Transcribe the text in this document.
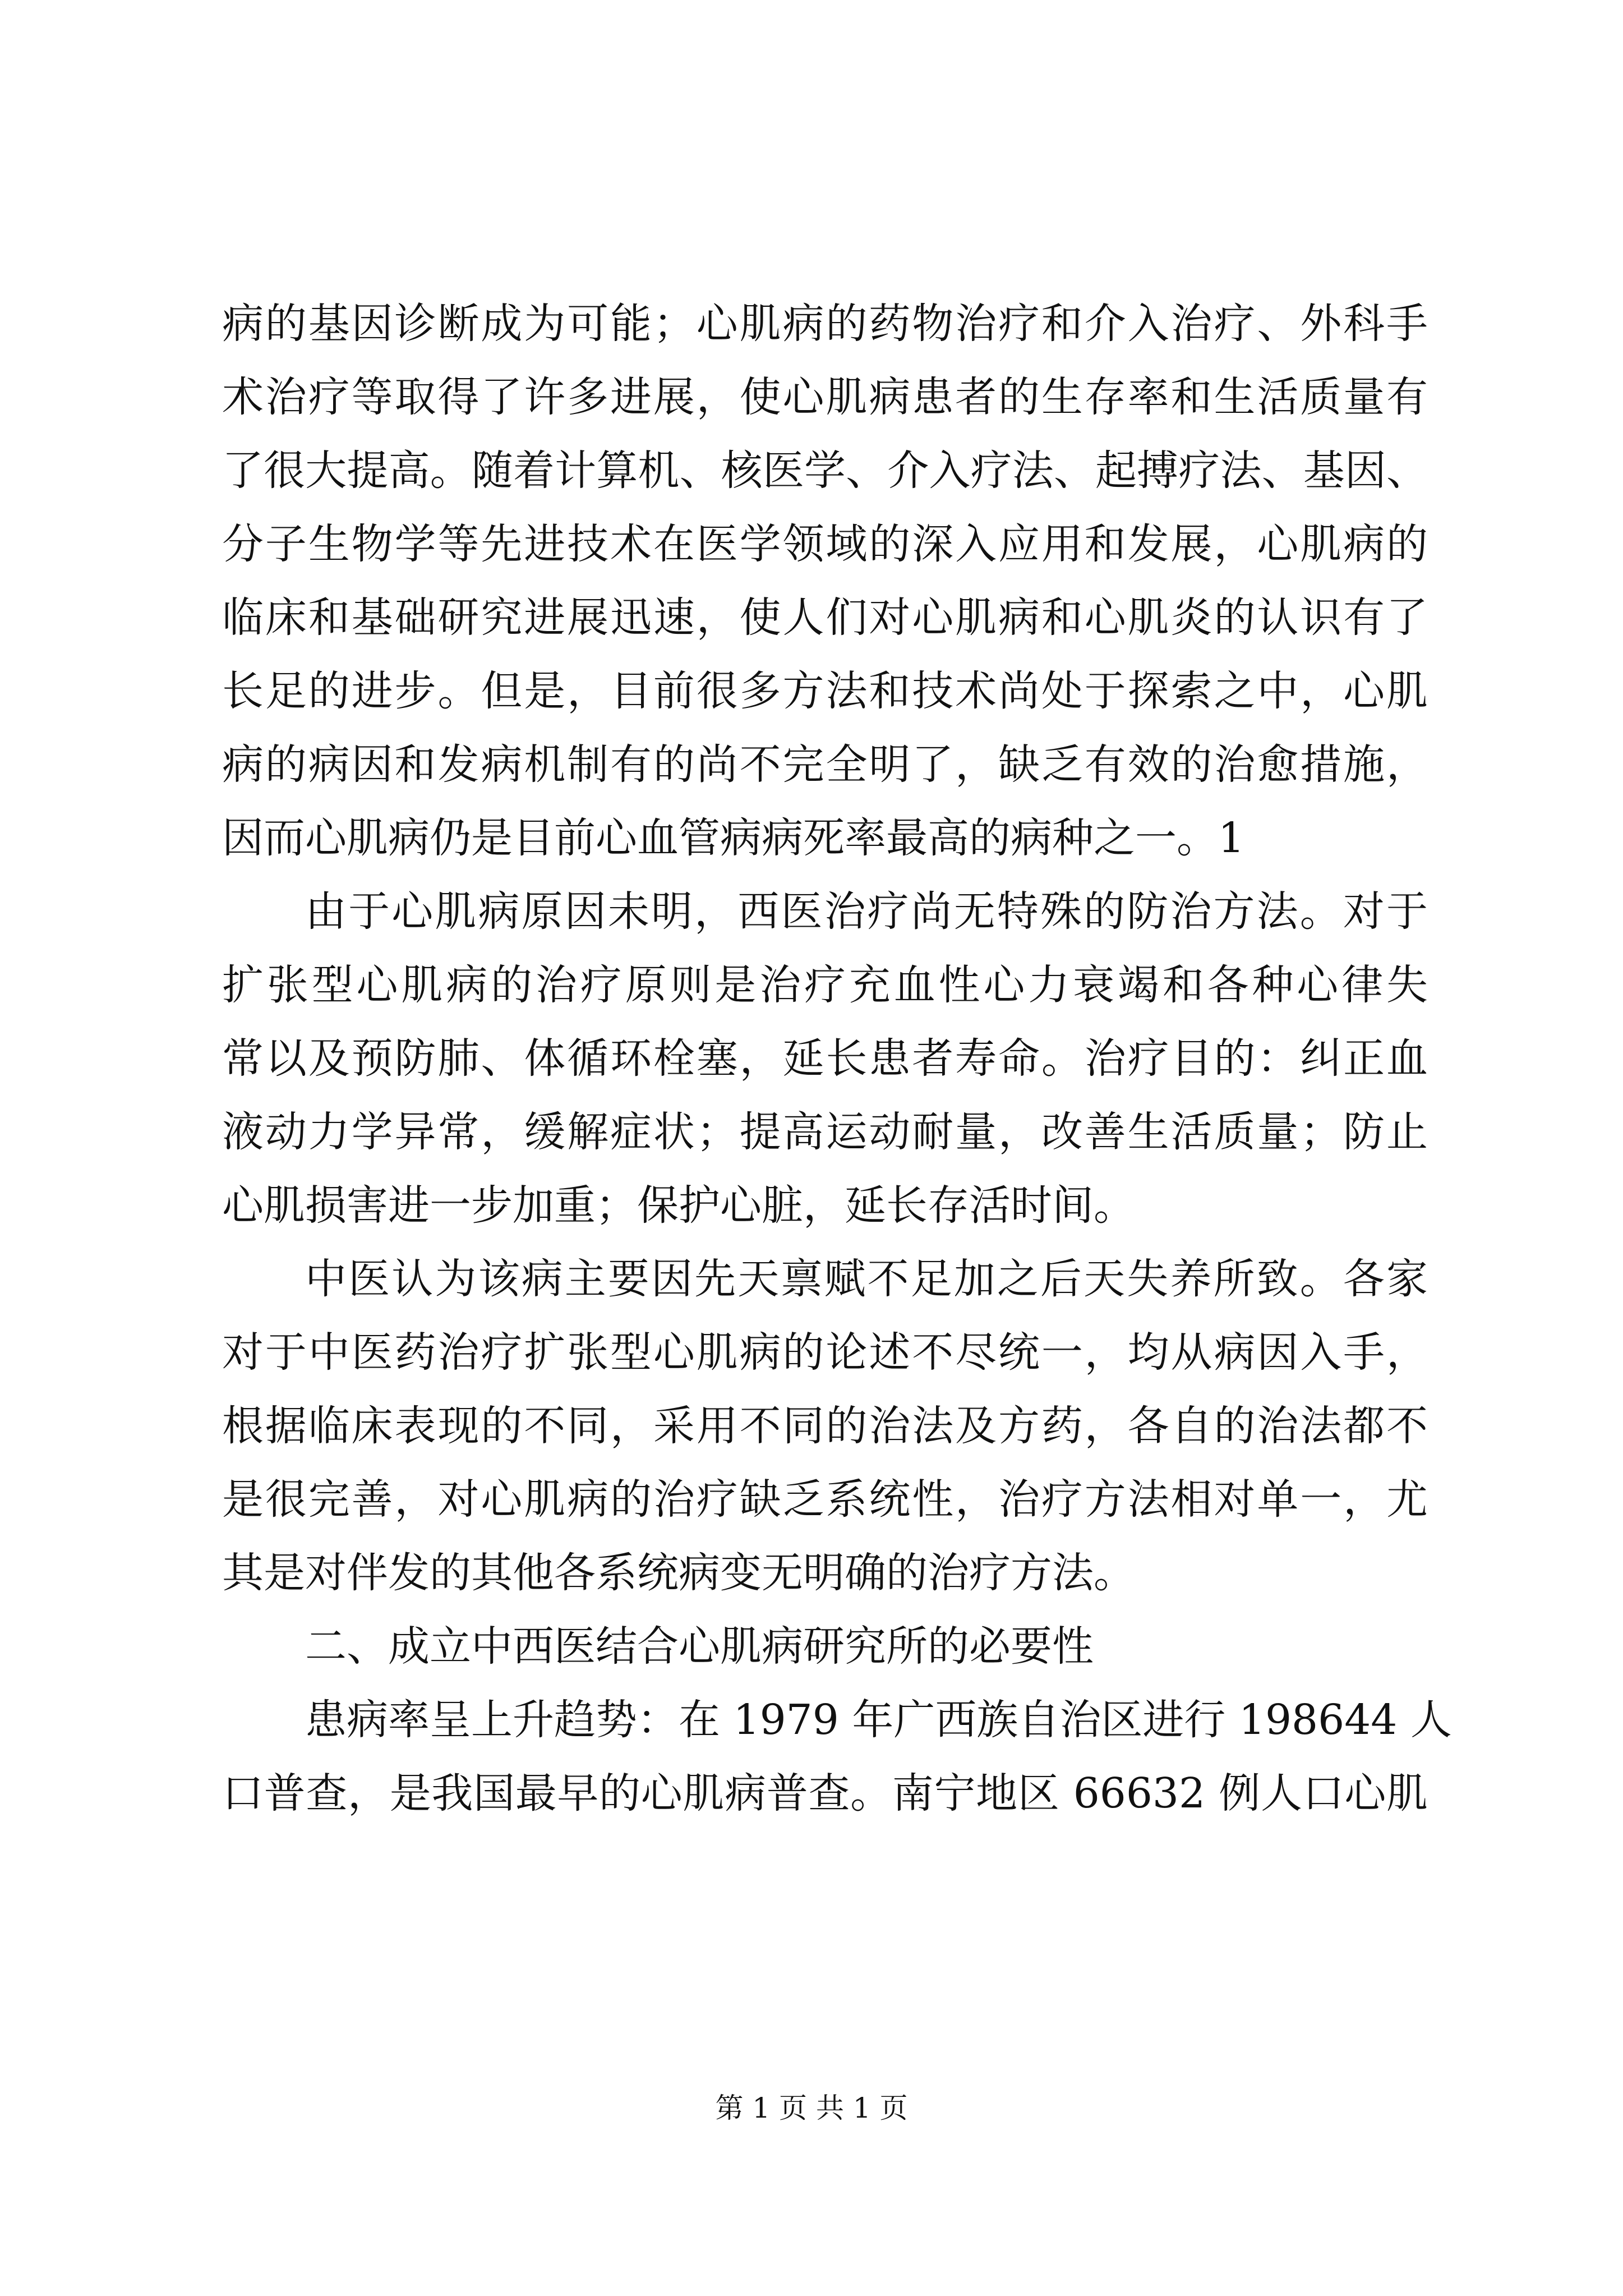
病的基因诊断成为可能；心肌病的药物治疗和介入治疗、外科手
术治疗等取得了许多进展，使心肌病患者的生存率和生活质量有
了很大提高。随着计算机、核医学、介入疗法、起搏疗法、基因、
分子生物学等先进技术在医学领域的深入应用和发展，心肌病的
临床和基础研究进展迅速，使人们对心肌病和心肌炎的认识有了
长足的进步。但是，目前很多方法和技术尚处于探索之中，心肌
病的病因和发病机制有的尚不完全明了，缺乏有效的治愈措施，
因而心肌病仍是目前心血管病病死率最高的病种之一。1
由于心肌病原因未明，西医治疗尚无特殊的防治方法。对于
扩张型心肌病的治疗原则是治疗充血性心力衰竭和各种心律失
常以及预防肺、体循环栓塞，延长患者寿命。治疗目的：纠正血
液动力学异常，缓解症状；提高运动耐量，改善生活质量；防止
心肌损害进一步加重；保护心脏，延长存活时间。
中医认为该病主要因先天禀赋不足加之后天失养所致。各家
对于中医药治疗扩张型心肌病的论述不尽统一，均从病因入手，
根据临床表现的不同，采用不同的治法及方药，各自的治法都不
是很完善，对心肌病的治疗缺乏系统性，治疗方法相对单一，尤
其是对伴发的其他各系统病变无明确的治疗方法。
二、成立中西医结合心肌病研究所的必要性
患病率呈上升趋势：在 1979 年广西族自治区进行 198644 人
口普查，是我国最早的心肌病普查。南宁地区 66632 例人口心肌
第 1 页 共 1 页
